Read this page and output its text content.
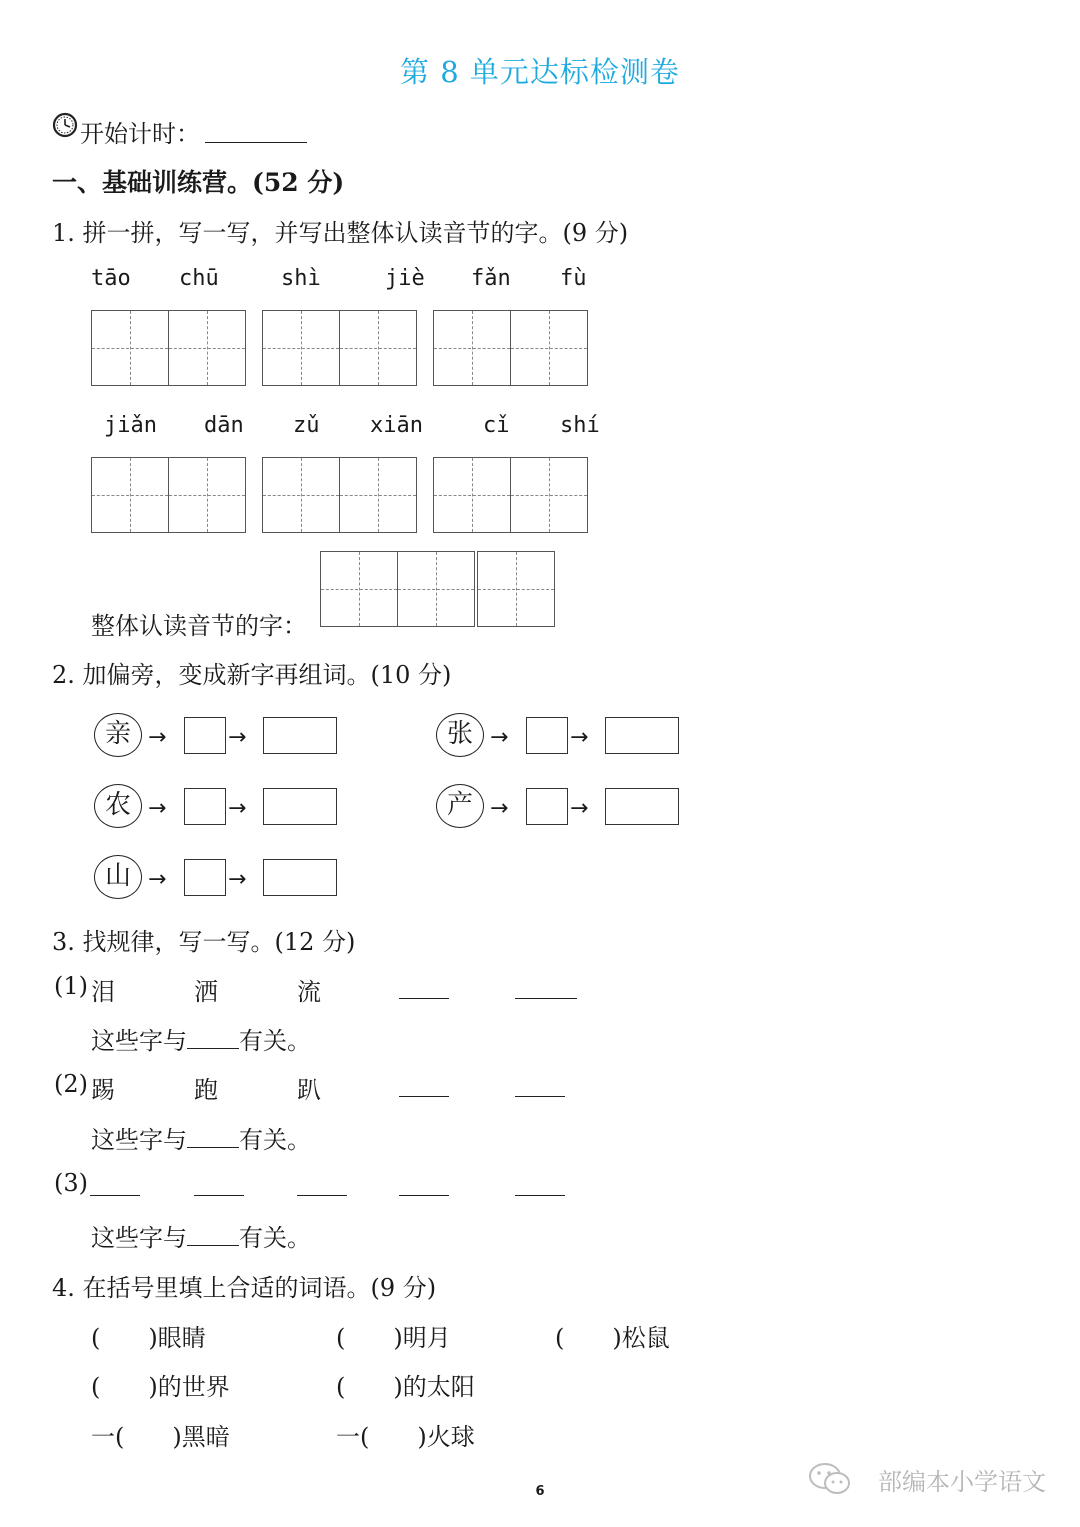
第 8 单元达标检测卷
开始计时：
一、基础训练营。(52 分)
1. 拼一拼，写一写，并写出整体认读音节的字。(9 分)
tāo chū	shì	jiè fǎn fù
jiǎn dān zǔ xiān	cǐ shí
整体认读音节的字：
2. 加偏旁，变成新字再组词。(10 分)
亲 →	→	张 →	→
农 →	→	产 →	→
山 →	→
3. 找规律，写一写。(12 分)
(1) 泪	洒	流
这些字与 有关。
(2) 踢	跑	趴
这些字与 有关。
(3)
这些字与 有关。
4. 在括号里填上合适的词语。(9 分)
(　　)眼睛	(　　)明月	(　　)松鼠
(　　)的世界	(　　)的太阳
一(　　)黑暗	一(　　)火球
6	部编本小学语文
